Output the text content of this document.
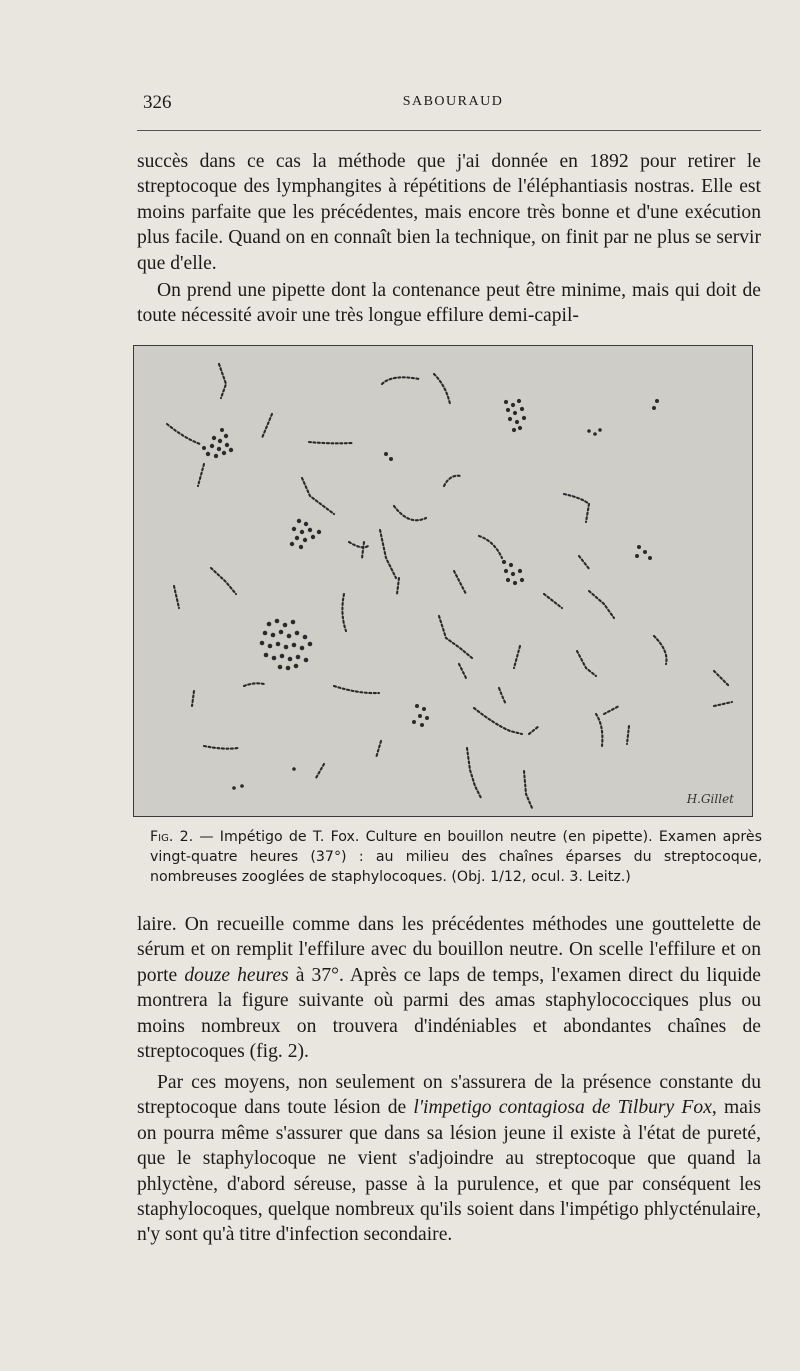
326	SABOURAUD

succès dans ce cas la méthode que j'ai donnée en 1892 pour retirer le streptocoque des lymphangites à répétitions de l'éléphantiasis nostras. Elle est moins parfaite que les précédentes, mais encore très bonne et d'une exécution plus facile. Quand on en connaît bien la technique, on finit par ne plus se servir que d'elle.

On prend une pipette dont la contenance peut être minime, mais qui doit de toute nécessité avoir une très longue effilure demi-capil-

H.Gillet

Fig. 2. — Impétigo de T. Fox. Culture en bouillon neutre (en pipette). Examen après vingt-quatre heures (37°) : au milieu des chaînes éparses du streptocoque, nombreuses zooglées de staphylocoques. (Obj. 1/12, ocul. 3. Leitz.)

laire. On recueille comme dans les précédentes méthodes une gouttelette de sérum et on remplit l'effilure avec du bouillon neutre. On scelle l'effilure et on porte douze heures à 37°. Après ce laps de temps, l'examen direct du liquide montrera la figure suivante où parmi des amas staphylococciques plus ou moins nombreux on trouvera d'indéniables et abondantes chaînes de streptocoques (fig. 2).

Par ces moyens, non seulement on s'assurera de la présence constante du streptocoque dans toute lésion de l'impetigo contagiosa de Tilbury Fox, mais on pourra même s'assurer que dans sa lésion jeune il existe à l'état de pureté, que le staphylocoque ne vient s'adjoindre au streptocoque que quand la phlyctène, d'abord séreuse, passe à la purulence, et que par conséquent les staphylocoques, quelque nombreux qu'ils soient dans l'impétigo phlycténulaire, n'y sont qu'à titre d'infection secondaire.
